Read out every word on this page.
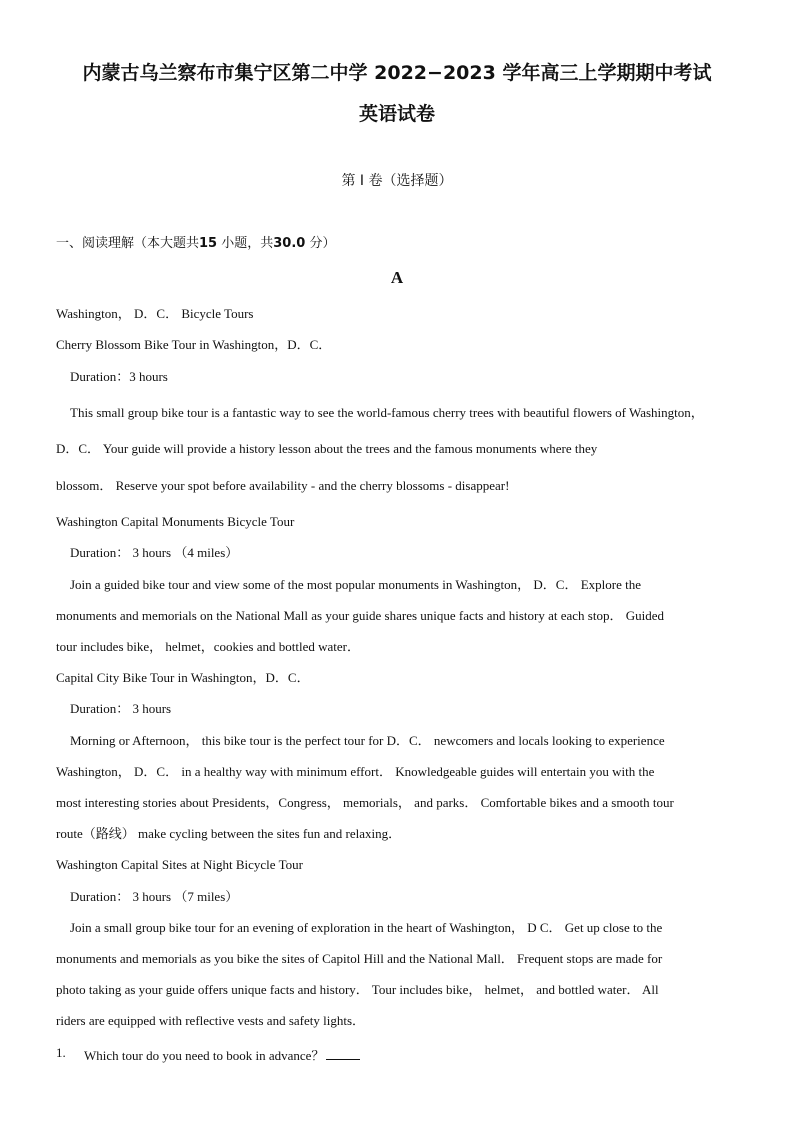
内蒙古乌兰察布市集宁区第二中学 2022−2023 学年高三上学期期中考试
英语试卷
第 I 卷（选择题）
一、阅读理解（本大题共15 小题，共30.0 分）
A
Washington， D．C． Bicycle Tours
Cherry Blossom Bike Tour in Washington，D．C．
Duration：3 hours
This small group bike tour is a fantastic way to see the world-famous cherry trees with beautiful flowers of Washington，
D．C． Your guide will provide a history lesson about the trees and the famous monuments where they
blossom． Reserve your spot before availability - and the cherry blossoms - disappear!
Washington Capital Monuments Bicycle Tour
Duration： 3 hours （4 miles）
Join a guided bike tour and view some of the most popular monuments in Washington， D．C． Explore the
monuments and memorials on the National Mall as your guide shares unique facts and history at each stop． Guided
tour includes bike， helmet，cookies and bottled water．
Capital City Bike Tour in Washington，D．C．
Duration： 3 hours
Morning or Afternoon， this bike tour is the perfect tour for D．C． newcomers and locals looking to experience
Washington， D．C． in a healthy way with minimum effort． Knowledgeable guides will entertain you with the
most interesting stories about Presidents，Congress， memorials， and parks． Comfortable bikes and a smooth tour
route（路线） make cycling between the sites fun and relaxing．
Washington Capital Sites at Night Bicycle Tour
Duration： 3 hours （7 miles）
Join a small group bike tour for an evening of exploration in the heart of Washington， D C． Get up close to the
monuments and memorials as you bike the sites of Capitol Hill and the National Mall． Frequent stops are made for
photo taking as your guide offers unique facts and history． Tour includes bike， helmet， and bottled water． All
riders are equipped with reflective vests and safety lights．
1. Which tour do you need to book in advance？
